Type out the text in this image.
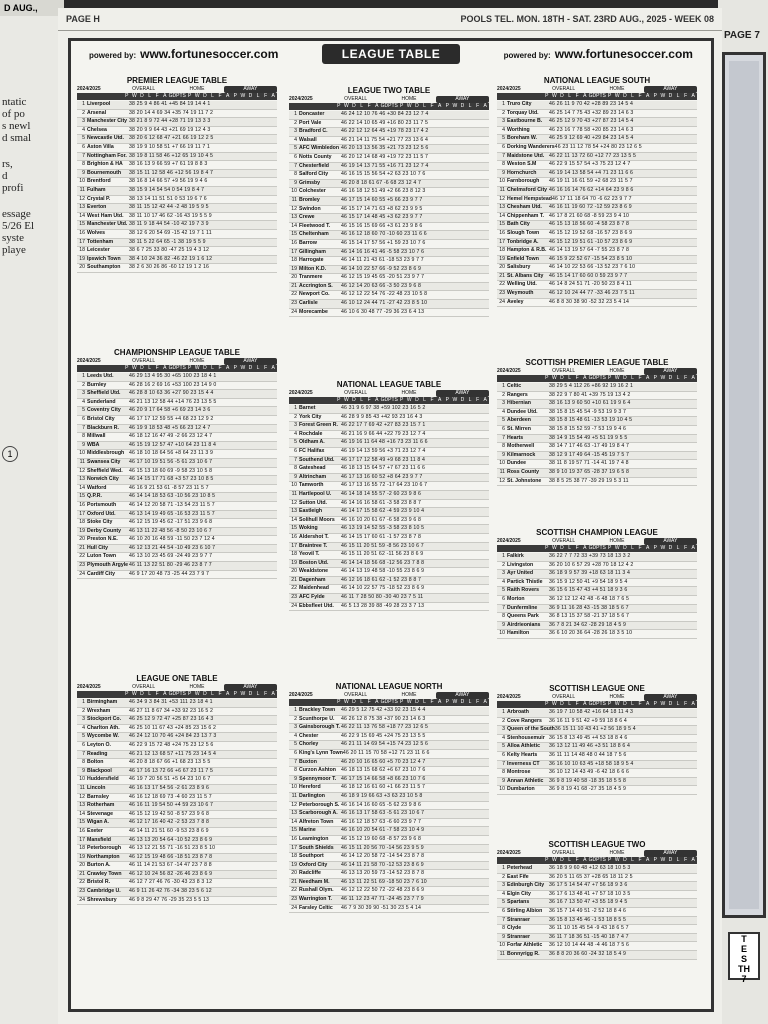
D AUG.,
ntatic
of po
s newl
d smal
rs,
d
profi
essage
5/26 El
syste
playe
1
PAGE 7
T
E
S
TH
7
PAGE H	POOLS TEL. MON. 18TH - SAT. 23RD AUG., 2025 - WEEK 08
powered by: www.fortunesoccer.com	LEAGUE TABLE	powered by: www.fortunesoccer.com
PREMIER LEAGUE TABLE
2024/2025	OVERALL	HOME	AWAY
P W D L F A GD PTS P W D L F A P W D L F A
1 Liverpool	38 25 9 4 86 41 +45 84 19 14 4 1
2 Arsenal	38 20 14 4 69 34 +35 74 19 11 7 2
3 Manchester City 38 21 8 9 72 44 +28 71 19 13 3 3
4 Chelsea	38 20 9 9 64 43 +21 69 19 12 4 3
5 Newcastle Utd. 38 20 6 12 68 47 +21 66 19 12 2 5
6 Aston Villa	38 19 9 10 58 51 +7 66 19 11 7 1
7 Nottingham For. 38 19 8 11 58 46 +12 65 19 10 4 5
8 Brighton & HA	38 16 13 9 66 59 +7 61 19 8 8 3
9 Bournemouth	38 15 11 12 58 46 +12 56 19 8 4 7
10 Brentford	38 16 8 14 66 57 +9 56 19 9 4 6
11 Fulham	38 15 9 14 54 54 0 54 19 8 4 7
12 Crystal P.	38 13 14 11 51 51 0 53 19 6 7 6
13 Everton	38 11 15 12 42 44 -2 48 19 5 9 5
14 West Ham Utd.	38 11 10 17 46 62 -16 43 19 5 5 9
15 Manchester Utd. 38 11 9 18 44 54 -10 42 19 7 3 9
16 Wolves	38 12 6 20 54 69 -15 42 19 7 1 11
17 Tottenham	38 11 5 22 64 65 -1 38 19 5 5 9
18 Leicester	38 6 7 25 33 80 -47 25 19 4 3 12
19 Ipswich Town	38 4 10 24 36 82 -46 22 19 1 6 12
20 Southampton	38 2 6 30 26 86 -60 12 19 1 2 16
CHAMPIONSHIP LEAGUE TABLE
2024/2025	OVERALL	HOME	AWAY
P W D L F A GD PTS P W D L F A P W D L F A
1 Leeds Utd.	46 29 13 4 95 30 +65 100 23 18 4 1
2 Burnley	46 28 16 2 69 16 +53 100 23 14 9 0
3 Sheffield Utd.	46 28 8 10 63 36 +27 90 23 15 4 4
4 Sunderland	46 21 13 12 58 44 +14 76 23 13 5 5
5 Coventry City	46 20 9 17 64 58 +6 69 23 14 3 6
6 Bristol City	46 17 17 12 59 55 +4 68 23 12 9 2
7 Blackburn R.	46 19 9 18 53 48 +5 66 23 12 4 7
8 Millwall	46 18 12 16 47 49 -2 66 23 12 4 7
9 WBA	46 15 19 12 57 47 +10 64 23 11 8 4
10 Middlesbrough 46 18 10 18 64 56 +8 64 23 11 3 9
11 Swansea City	46 17 10 19 51 56 -5 61 23 10 6 7
12 Sheffield Wed.	46 15 13 18 60 69 -9 58 23 10 5 8
13 Norwich City	46 14 15 17 71 68 +3 57 23 10 8 5
14 Watford	46 16 9 21 53 61 -8 57 23 11 5 7
15 Q.P.R.	46 14 14 18 53 63 -10 56 23 10 8 5
16 Portsmouth	46 14 12 20 58 71 -13 54 23 11 5 7
17 Oxford Utd.	46 13 14 19 49 65 -16 53 23 11 5 7
18 Stoke City	46 12 15 19 45 62 -17 51 23 9 6 8
19 Derby County	46 13 11 22 48 56 -8 50 23 10 6 7
20 Preston N.E.	46 10 20 16 48 59 -11 50 23 7 12 4
21 Hull City	46 12 13 21 44 54 -10 49 23 6 10 7
22 Luton Town	46 13 10 23 45 69 -24 49 23 9 7 7
23 Plymouth Argyle 46 11 13 22 51 80 -29 46 23 8 7 7
24 Cardiff City	46 9 17 20 48 73 -25 44 23 7 9 7
LEAGUE ONE TABLE
2024/2025	OVERALL	HOME	AWAY
P W D L F A GD PTS P W D L F A P W D L F A
1 Birmingham	46 34 9 3 84 31 +53 111 23 18 4 1
2 Wrexham	46 27 11 8 67 34 +33 92 23 16 5 2
3 Stockport Co.	46 25 12 9 72 47 +25 87 23 16 4 3
4 Charlton Ath.	46 25 10 11 67 43 +24 85 23 15 6 2
5 Wycombe W.	46 24 12 10 70 46 +24 84 23 13 7 3
6 Leyton O.	46 22 9 15 72 48 +24 75 23 12 5 6
7 Reading	46 21 12 13 68 57 +11 75 23 14 5 4
8 Bolton	46 20 8 18 67 66 +1 68 23 13 5 5
9 Blackpool	46 17 16 13 72 66 +6 67 23 11 7 5
10 Huddersfield	46 19 7 20 56 51 +5 64 23 10 6 7
11 Lincoln	46 16 13 17 54 56 -2 61 23 8 9 6
12 Barnsley	46 16 12 18 69 73 -4 60 23 11 5 7
13 Rotherham	46 16 11 19 54 50 +4 59 23 10 6 7
14 Stevenage	46 15 12 19 42 50 -8 57 23 9 6 8
15 Wigan A.	46 12 17 16 40 42 -2 53 23 7 8 8
16 Exeter	46 14 11 21 51 60 -9 53 23 8 6 9
17 Mansfield	46 13 13 20 54 64 -10 52 23 8 6 9
18 Peterborough	46 13 12 21 55 71 -16 51 23 8 5 10
19 Northampton	46 12 15 19 48 66 -18 51 23 8 7 8
20 Burton A.	46 11 14 21 53 67 -14 47 23 7 8 8
21 Crawley Town	46 12 10 24 56 82 -26 46 23 8 6 9
22 Bristol R.	46 12 7 27 46 76 -30 43 23 8 3 12
23 Cambridge U.	46 9 11 26 42 76 -34 38 23 5 6 12
24 Shrewsbury	46 9 8 29 47 76 -29 35 23 5 5 13
LEAGUE TWO TABLE
2024/2025	OVERALL	HOME	AWAY
P W D L F A GD PTS P W D L F A P W D L F A
1 Doncaster	46 24 12 10 76 46 +30 84 23 12 7 4
2 Port Vale	46 22 14 10 65 49 +16 80 23 11 7 5
3 Bradford C.	46 22 12 12 64 45 +19 78 23 17 4 2
4 Walsall	46 21 14 11 75 54 +21 77 23 13 6 4
5 AFC Wimbledon 46 20 13 13 56 35 +21 73 23 12 5 6
6 Notts County	46 20 12 14 68 49 +19 72 23 11 5 7
7 Chesterfield	46 19 14 13 71 55 +16 71 23 12 7 4
8 Salford City	46 16 15 15 56 54 +2 63 23 10 7 6
9 Grimsby	46 20 8 18 61 67 -6 68 23 12 4 7
10 Colchester	46 16 18 12 51 49 +2 66 23 8 12 3
11 Bromley	46 17 15 14 60 55 +5 66 23 9 7 7
12 Swindon	46 15 17 14 71 63 +8 62 23 9 9 5
13 Crewe	46 15 17 14 48 45 +3 62 23 9 7 7
14 Fleetwood T.	46 15 16 15 69 66 +3 61 23 9 8 6
15 Cheltenham	46 16 12 18 60 70 -10 60 23 11 6 6
16 Barrow	46 15 14 17 57 56 +1 59 23 10 7 6
17 Gillingham	46 14 16 16 41 46 -5 58 23 10 7 6
18 Harrogate	46 14 11 21 43 61 -18 53 23 9 7 7
19 Milton K.D.	46 14 10 22 57 66 -9 52 23 8 6 9
20 Tranmere	46 12 15 19 45 65 -20 51 23 9 7 7
21 Accrington S.	46 12 14 20 63 66 -3 50 23 9 6 8
22 Newport Co.	46 12 12 22 54 76 -22 48 23 10 5 8
23 Carlisle	46 10 12 24 44 71 -27 42 23 8 5 10
24 Morecambe	46 10 6 30 48 77 -29 36 23 6 4 13
NATIONAL LEAGUE TABLE
2024/2025	OVERALL	HOME	AWAY
P W D L F A GD PTS P W D L F A P W D L F A
1 Barnet	46 31 9 6 97 38 +59 102 23 16 5 2
2 York City	46 28 9 9 85 43 +42 93 23 16 4 3
3 Forest Green R. 46 22 17 7 69 42 +27 83 23 15 7 1
4 Rochdale	46 21 16 9 66 44 +22 79 23 12 7 4
5 Oldham A.	46 19 16 11 64 48 +16 73 23 11 6 6
6 FC Halifax	46 19 14 13 59 56 +3 71 23 12 7 4
7 Southend Utd.	46 17 17 12 58 49 +9 68 23 11 8 4
8 Gateshead	46 18 13 15 64 57 +7 67 23 11 6 6
9 Altrincham	46 17 13 16 60 52 +8 64 23 9 7 7
10 Tamworth	46 17 13 16 55 72 -17 64 23 10 6 7
11 Hartlepool U.	46 14 18 14 55 57 -2 60 23 9 8 6
12 Sutton Utd.	46 14 16 16 58 61 -3 58 23 8 8 7
13 Eastleigh	46 14 17 15 58 62 -4 59 23 9 10 4
14 Solihull Moors	46 16 10 20 61 67 -6 58 23 9 6 8
15 Woking	46 13 19 14 52 55 -3 58 23 8 10 5
16 Aldershot T.	46 14 15 17 60 61 -1 57 23 8 7 8
17 Braintree T.	46 15 11 20 51 59 -8 56 23 10 6 7
18 Yeovil T.	46 15 11 20 51 62 -11 56 23 8 6 9
19 Boston Utd.	46 14 14 18 56 68 -12 56 23 7 8 8
20 Wealdstone	46 14 13 19 48 58 -10 55 23 8 6 9
21 Dagenham	46 12 16 18 61 62 -1 52 23 8 8 7
22 Maidenhead	46 14 10 22 57 75 -18 52 23 8 6 9
23 AFC Fylde	46 11 7 28 50 80 -30 40 23 7 5 11
24 Ebbsfleet Utd.	46 5 13 28 39 88 -49 28 23 3 7 13
NATIONAL LEAGUE NORTH
2024/2025	OVERALL	HOME	AWAY
P W D L F A GD PTS P W D L F A P W D L F A
1 Brackley Town	46 29 5 12 75 42 +33 92 23 15 4 4
2 Scunthorpe U.	46 26 12 8 75 38 +37 90 23 14 6 3
3 Gainsborough T. 46 22 11 13 76 58 +18 77 23 12 6 5
4 Chester	46 22 9 15 69 45 +24 75 23 13 5 5
5 Chorley	46 21 11 14 69 54 +15 74 23 12 5 6
6 King's Lynn Town 46 20 11 15 70 58 +12 71 23 11 6 6
7 Buxton	46 20 10 16 65 60 +5 70 23 12 4 7
8 Curzon Ashton 46 18 13 15 68 62 +6 67 23 10 7 6
9 Spennymoor T. 46 17 15 14 66 58 +8 66 23 10 7 6
10 Hereford	46 18 12 16 61 60 +1 66 23 11 5 7
11 Darlington	46 18 9 19 66 63 +3 63 23 10 5 8
12 Peterborough S. 46 16 14 16 60 65 -5 62 23 9 8 6
13 Scarborough A. 46 16 13 17 58 63 -5 61 23 10 6 7
14 Alfreton Town	46 16 12 18 57 63 -6 60 23 9 7 7
15 Marine	46 16 10 20 54 61 -7 58 23 10 4 9
16 Leamington	46 15 12 19 60 68 -8 57 23 9 6 8
17 South Shields	46 15 11 20 56 70 -14 56 23 9 5 9
18 Southport	46 14 12 20 58 72 -14 54 23 8 7 8
19 Oxford City	46 14 11 21 58 70 -12 53 23 8 6 9
20 Radcliffe	46 13 13 20 59 73 -14 52 23 8 7 8
21 Needham M.	46 13 11 22 51 69 -18 50 23 7 6 10
22 Rushall Olym.	46 12 12 22 50 72 -22 48 23 8 6 9
23 Warrington T.	46 11 12 23 47 71 -24 45 23 7 7 9
24 Farsley Celtic	46 7 9 30 39 90 -51 30 23 5 4 14
NATIONAL LEAGUE SOUTH
2024/2025	OVERALL	HOME	AWAY
P W D L F A GD PTS P W D L F A P W D L F A
1 Truro City	46 26 11 9 70 42 +28 89 23 14 5 4
2 Torquay Utd.	46 25 14 7 75 43 +32 89 23 14 6 3
3 Eastbourne B.	46 25 12 9 70 43 +27 87 23 14 5 4
4 Worthing	46 23 16 7 78 58 +20 85 23 14 6 3
5 Boreham W.	46 25 9 12 69 40 +29 84 23 14 5 4
6 Dorking Wanderers 46 23 11 12 78 54 +24 80 23 12 6 5
7 Maidstone Utd. 46 22 11 13 72 60 +12 77 23 13 5 5
8 Weston S.M	46 22 9 15 57 54 +3 75 23 12 4 7
9 Hornchurch	46 19 14 13 58 54 +4 71 23 11 6 6
10 Farnborough	46 19 11 16 61 59 +2 68 23 11 5 7
11 Chelmsford City 46 16 16 14 76 62 +14 64 23 9 8 6
12 Hemel Hempstead 46 17 11 18 64 70 -6 62 23 9 7 7
13 Chesham Utd.	46 16 11 19 60 72 -12 59 23 8 6 9
14 Chippenham T. 46 17 8 21 60 68 -8 59 23 9 4 10
15 Bath City	46 15 13 18 56 60 -4 58 23 8 7 8
16 Slough Town	46 15 12 19 52 68 -16 57 23 8 6 9
17 Tonbridge A.	46 15 12 19 51 61 -10 57 23 8 6 9
18 Hampton & R.B. 46 14 13 19 57 64 -7 55 23 8 7 8
19 Enfield Town	46 15 9 22 52 67 -15 54 23 8 5 10
20 Salisbury	46 14 10 22 53 66 -13 52 23 7 6 10
21 St. Albans City	46 15 14 17 60 60 0 59 23 9 7 7
22 Welling Utd.	46 14 8 24 51 71 -20 50 23 8 4 11
23 Weymouth	46 12 10 24 44 77 -33 46 23 7 5 11
24 Aveley	46 8 8 30 38 90 -52 32 23 5 4 14
SCOTTISH PREMIER LEAGUE TABLE
2024/2025	OVERALL	HOME	AWAY
P W D L F A GD PTS P W D L F A P W D L F A
1 Celtic	38 29 5 4 112 26 +86 92 19 16 2 1
2 Rangers	38 22 9 7 80 41 +39 75 19 13 4 2
3 Hibernian	38 16 13 9 60 50 +10 61 19 9 6 4
4 Dundee Utd.	38 15 8 15 45 54 -9 53 19 9 3 7
5 Aberdeen	38 15 8 15 48 61 -13 53 19 10 4 5
6 St. Mirren	38 15 8 15 52 59 -7 53 19 9 4 6
7 Hearts	38 14 9 15 54 49 +5 51 19 9 5 5
8 Motherwell	38 14 7 17 46 63 -17 49 19 8 4 7
9 Kilmarnock	38 12 9 17 49 64 -15 45 19 7 5 7
10 Dundee	38 11 8 19 57 71 -14 41 19 7 4 8
11 Ross County	38 9 10 19 37 65 -28 37 19 6 5 8
12 St. Johnstone	38 8 5 25 38 77 -39 29 19 5 3 11
SCOTTISH CHAMPION LEAGUE
2024/2025	OVERALL	HOME	AWAY
P W D L F A GD PTS P W D L F A P W D L F A
1 Falkirk	36 22 7 7 72 33 +39 73 18 13 3 2
2 Livingston	36 20 10 6 57 29 +28 70 18 12 4 2
3 Ayr United	36 18 9 9 57 39 +18 63 18 11 3 4
4 Partick Thistle	36 15 9 12 50 41 +9 54 18 9 5 4
5 Raith Rovers	36 15 6 15 47 43 +4 51 18 9 3 6
6 Morton	36 12 12 12 42 48 -6 48 18 7 6 5
7 Dunfermline	36 9 11 16 28 43 -15 38 18 5 6 7
8 Queens Park	36 8 13 15 37 58 -21 37 18 5 6 7
9 Airdrieonians	36 7 8 21 34 62 -28 29 18 4 5 9
10 Hamilton	36 6 10 20 36 64 -28 26 18 3 5 10
SCOTTISH LEAGUE ONE
2024/2025	OVERALL	HOME	AWAY
P W D L F A GD PTS P W D L F A P W D L F A
1 Arbroath	36 19 7 10 58 42 +16 64 18 11 4 3
2 Cove Rangers	36 16 11 9 51 42 +9 59 18 8 6 4
3 Queen of the South 36 15 11 10 43 41 +2 56 18 9 5 4
4 Stenhousemuir 36 15 8 13 49 45 +4 53 18 8 4 6
5 Alloa Athletic	36 13 12 11 49 46 +3 51 18 8 6 4
6 Kelty Hearts	36 11 11 14 48 48 0 44 18 7 5 6
7 Inverness CT	36 16 10 10 63 45 +18 58 18 9 5 4
8 Montrose	36 10 12 14 43 49 -6 42 18 6 6 6
9 Annan Athletic	36 9 8 19 40 58 -18 35 18 5 5 8
10 Dumbarton	36 9 8 19 41 68 -27 35 18 4 5 9
SCOTTISH LEAGUE TWO
2024/2025	OVERALL	HOME	AWAY
P W D L F A GD PTS P W D L F A P W D L F A
1 Peterhead	36 18 9 9 60 48 +12 63 18 10 5 3
2 East Fife	36 20 5 11 65 37 +28 65 18 11 2 5
3 Edinburgh City 36 17 5 14 54 47 +7 56 18 9 3 6
4 Elgin City	36 17 6 13 48 41 +7 57 18 10 3 5
5 Spartans	36 16 7 13 50 47 +3 55 18 9 4 5
6 Stirling Albion	36 15 7 14 49 51 -2 52 18 8 4 6
7 Stranraer	36 15 8 13 45 46 -1 53 18 8 5 5
8 Clyde	36 11 10 15 45 54 -9 43 18 6 5 7
9 Stranraer	36 11 7 18 36 51 -15 40 18 7 4 7
10 Forfar Athletic	36 12 10 14 44 48 -4 46 18 7 5 6
11 Bonnyrigg R.	36 8 8 20 36 60 -24 32 18 5 4 9
